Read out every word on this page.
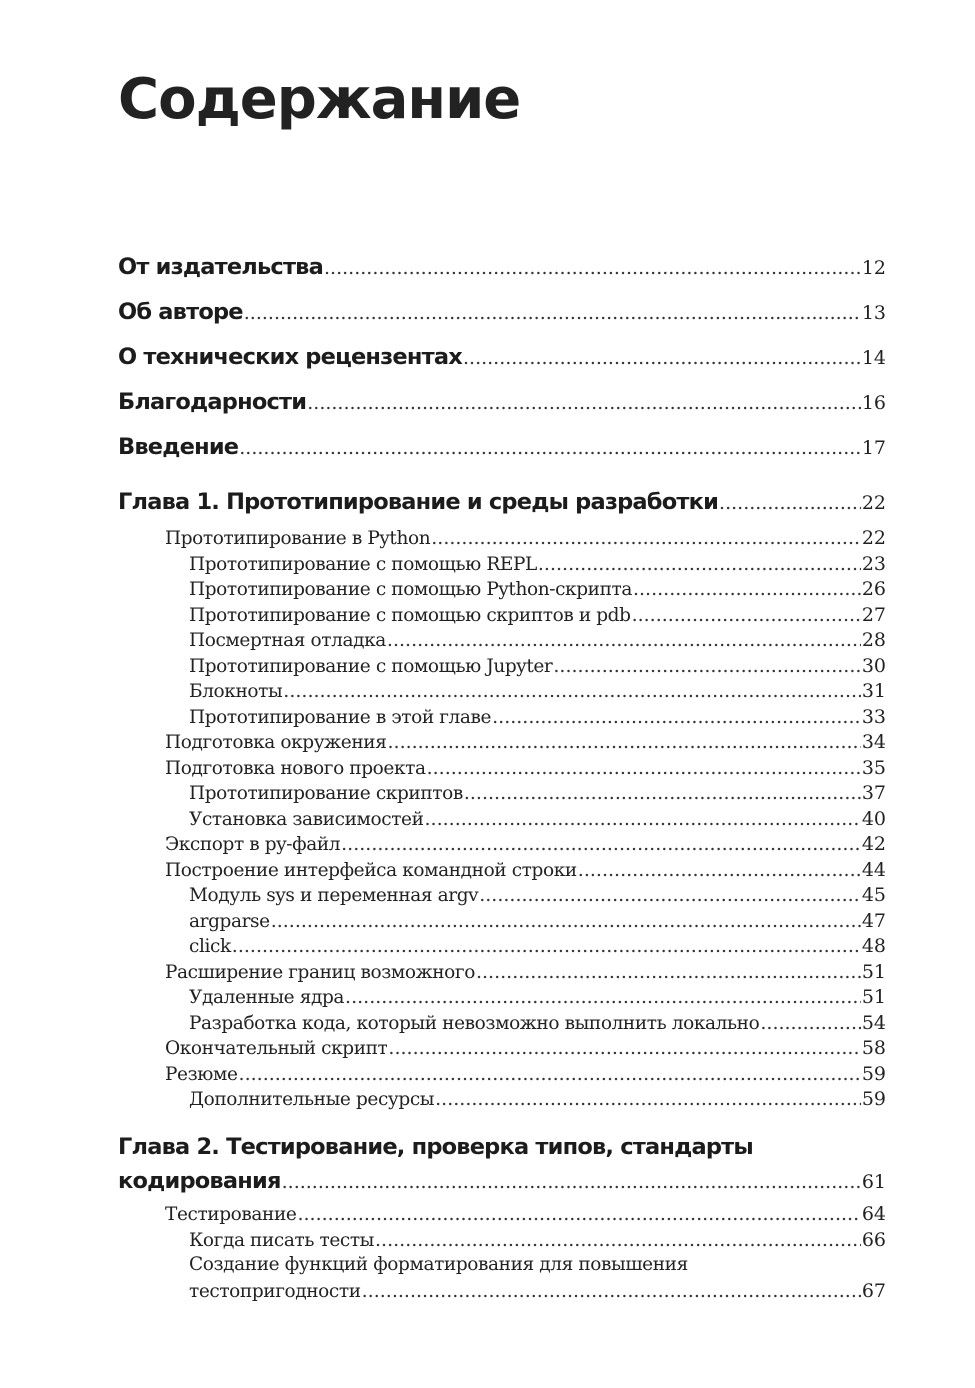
Содержание
От издательства .....	12
Об авторе .....	13
О технических рецензентах .....	14
Благодарности .....	16
Введение .....	17
Глава 1. Прототипирование и среды разработки .....	22
Прототипирование в Python .....	22
Прототипирование с помощью REPL .....	23
Прототипирование с помощью Python-скрипта .....	26
Прототипирование с помощью скриптов и pdb .....	27
Посмертная отладка .....	28
Прототипирование с помощью Jupyter .....	30
Блокноты .....	31
Прототипирование в этой главе .....	33
Подготовка окружения .....	34
Подготовка нового проекта .....	35
Прототипирование скриптов .....	37
Установка зависимостей .....	40
Экспорт в py-файл .....	42
Построение интерфейса командной строки .....	44
Модуль sys и переменная argv .....	45
argparse .....	47
click .....	48
Расширение границ возможного .....	51
Удаленные ядра .....	51
Разработка кода, который невозможно выполнить локально .....	54
Окончательный скрипт .....	58
Резюме .....	59
Дополнительные ресурсы .....	59
Глава 2. Тестирование, проверка типов, стандарты
кодирования .....	61
Тестирование .....	64
Когда писать тесты .....	66
Создание функций форматирования для повышения
тестопригодности .....	67
